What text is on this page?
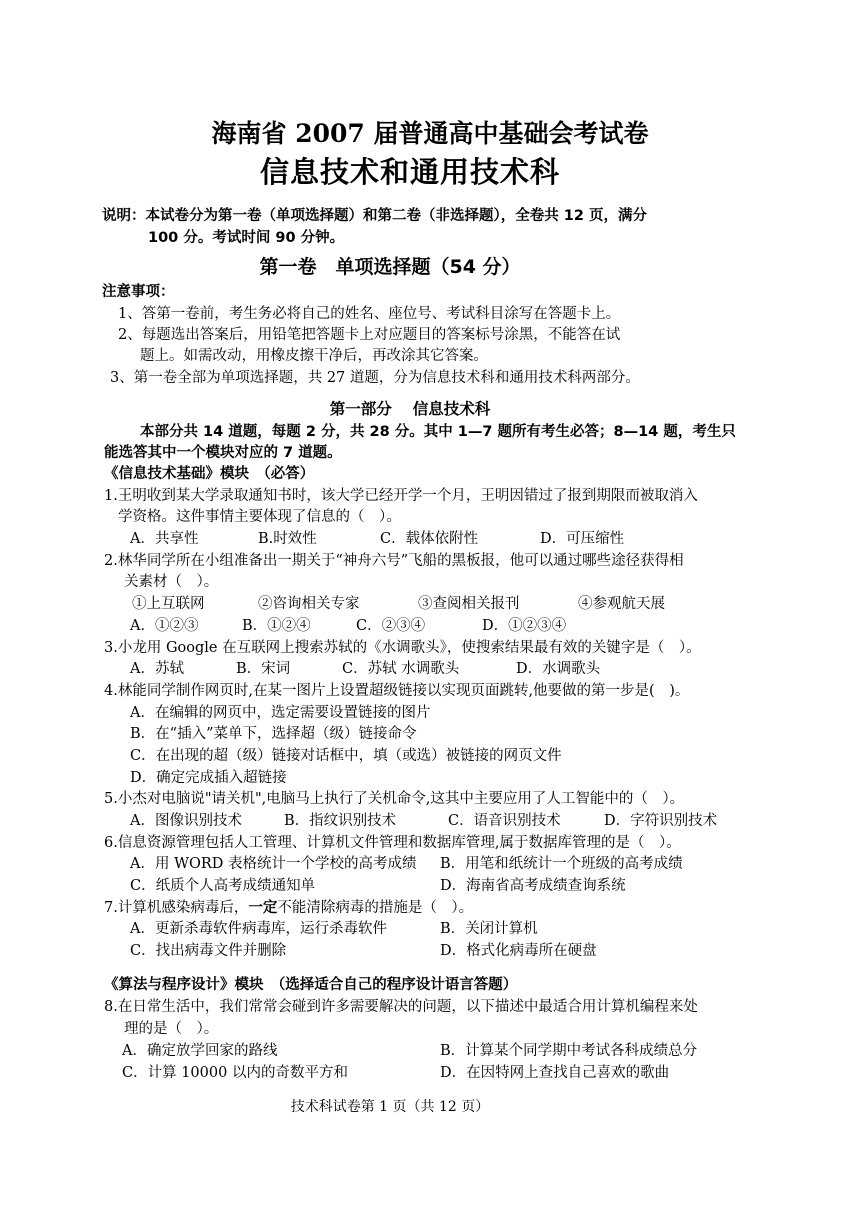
海南省 2007 届普通高中基础会考试卷
信息技术和通用技术科
说明：本试卷分为第一卷（单项选择题）和第二卷（非选择题），全卷共 12 页，满分
100 分。考试时间 90 分钟。
第一卷　单项选择题（54 分）
注意事项：
1、答第一卷前，考生务必将自己的姓名、座位号、考试科目涂写在答题卡上。
2、每题选出答案后，用铅笔把答题卡上对应题目的答案标号涂黑，不能答在试
题上。如需改动，用橡皮擦干净后，再改涂其它答案。
3、第一卷全部为单项选择题，共 27 道题，分为信息技术科和通用技术科两部分。
第一部分　 信息技术科
本部分共 14 道题，每题 2 分，共 28 分。其中 1—7 题所有考生必答；8—14 题，考生只
能选答其中一个模块对应的 7 道题。
《信息技术基础》模块　（必答）
1.王明收到某大学录取通知书时，该大学已经开学一个月，王明因错过了报到期限而被取消入
学资格。这件事情主要体现了信息的（　）。
A．共享性	B.时效性	C．载体依附性	D．可压缩性
2.林华同学所在小组准备出一期关于“神舟六号”飞船的黑板报，他可以通过哪些途径获得相
关素材（　）。
①上互联网	②咨询相关专家	③查阅相关报刊	④参观航天展
A．①②③	B．①②④	C．②③④	D．①②③④
3.小龙用 Google 在互联网上搜索苏轼的《水调歌头》，使搜索结果最有效的关键字是（　）。
A．苏轼	B．宋词	C．苏轼 水调歌头	D．水调歌头
4.林能同学制作网页时,在某一图片上设置超级链接以实现页面跳转,他要做的第一步是(　)。
A．在编辑的网页中，选定需要设置链接的图片
B．在“插入”菜单下，选择超（级）链接命令
C．在出现的超（级）链接对话框中，填（或选）被链接的网页文件
D．确定完成插入超链接
5.小杰对电脑说"请关机",电脑马上执行了关机命令,这其中主要应用了人工智能中的（　）。
A．图像识别技术	B．指纹识别技术	C．语音识别技术	D．字符识别技术
6.信息资源管理包括人工管理、计算机文件管理和数据库管理,属于数据库管理的是（　）。
A．用 WORD 表格统计一个学校的高考成绩 B．用笔和纸统计一个班级的高考成绩
C．纸质个人高考成绩通知单	D．海南省高考成绩查询系统
7.计算机感染病毒后，一定不能清除病毒的措施是（　）。
A．更新杀毒软件病毒库，运行杀毒软件	B．关闭计算机
C．找出病毒文件并删除	D．格式化病毒所在硬盘
《算法与程序设计》模块　（选择适合自己的程序设计语言答题）
8.在日常生活中，我们常常会碰到许多需要解决的问题，以下描述中最适合用计算机编程来处
理的是（　）。
A．确定放学回家的路线	B．计算某个同学期中考试各科成绩总分
C．计算 10000 以内的奇数平方和	D．在因特网上查找自己喜欢的歌曲
技术科试卷第 1 页（共 12 页）
